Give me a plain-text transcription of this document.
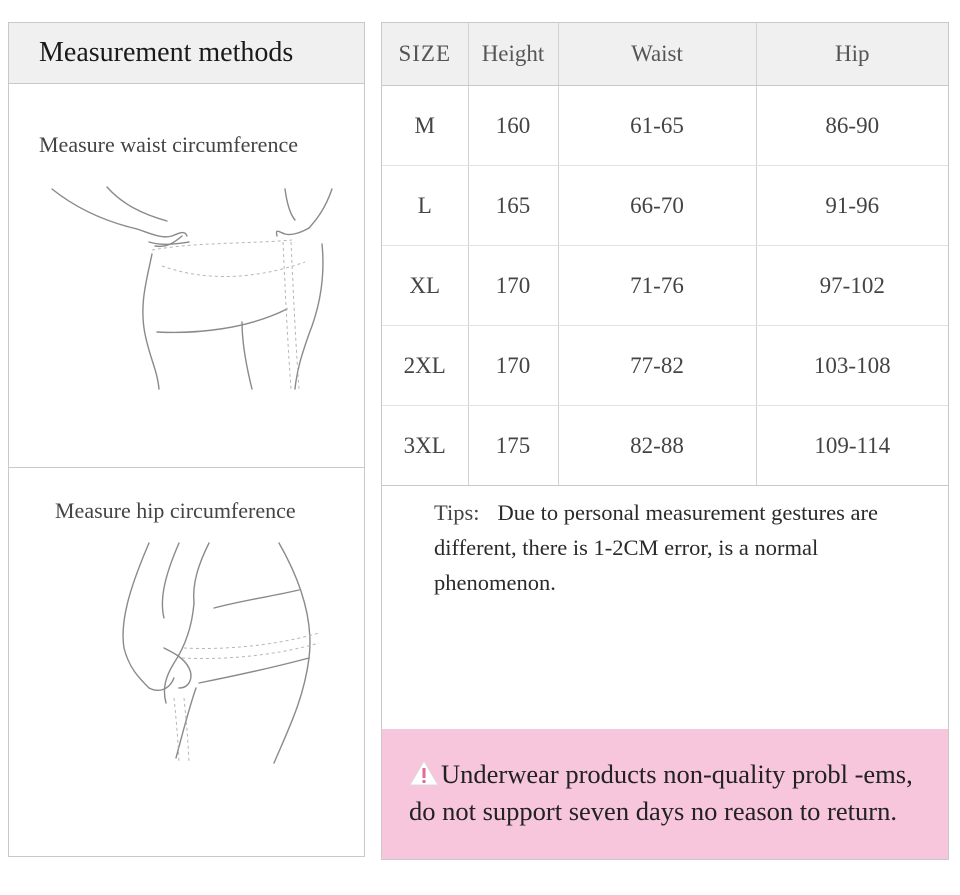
Measurement methods
Measure waist circumference
Measure hip circumference
SIZE	Height	Waist	Hip
M	160	61-65	86-90
L	165	66-70	91-96
XL	170	71-76	97-102
2XL	170	77-82	103-108
3XL	175	82-88	109-114
Tips: Due to personal measurement gestures are different, there is 1-2CM error, is a normal phenomenon.
Underwear products non-quality probl -ems, do not support seven days no reason to return.
